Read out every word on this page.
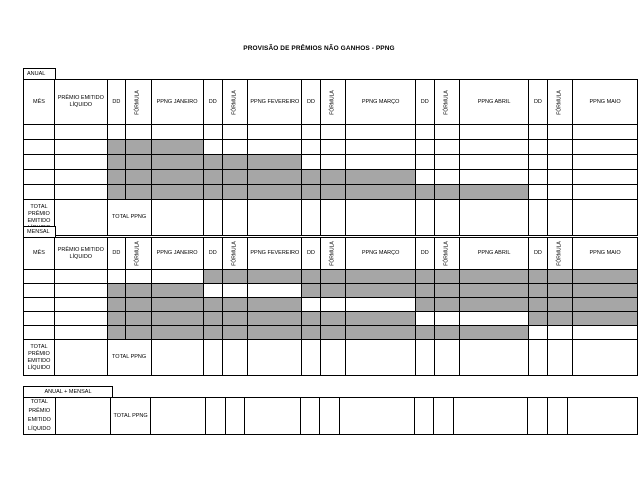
PROVISÃO DE PRÊMIOS NÃO GANHOS - PPNG
ANUAL
MÊS	PRÊMIO EMITIDO LÍQUIDO	DD	FÓRMULA	PPNG JANEIRO	DD	FÓRMULA	PPNG FEVEREIRO	DD	FÓRMULA	PPNG MARÇO	DD	FÓRMULA	PPNG ABRIL	DD	FÓRMULA	PPNG MAIO

TOTAL
PRÊMIO
EMITIDO		TOTAL PPNG														
MENSAL
MÊS	PRÊMIO EMITIDO LÍQUIDO	DD	FÓRMULA	PPNG JANEIRO	DD	FÓRMULA	PPNG FEVEREIRO	DD	FÓRMULA	PPNG MARÇO	DD	FÓRMULA	PPNG ABRIL	DD	FÓRMULA	PPNG MAIO

TOTAL
PRÊMIO
EMITIDO
LÍQUIDO		TOTAL PPNG														
ANUAL + MENSAL
TOTAL
PRÊMIO
EMITIDO
LÍQUIDO
		TOTAL PPNG													
